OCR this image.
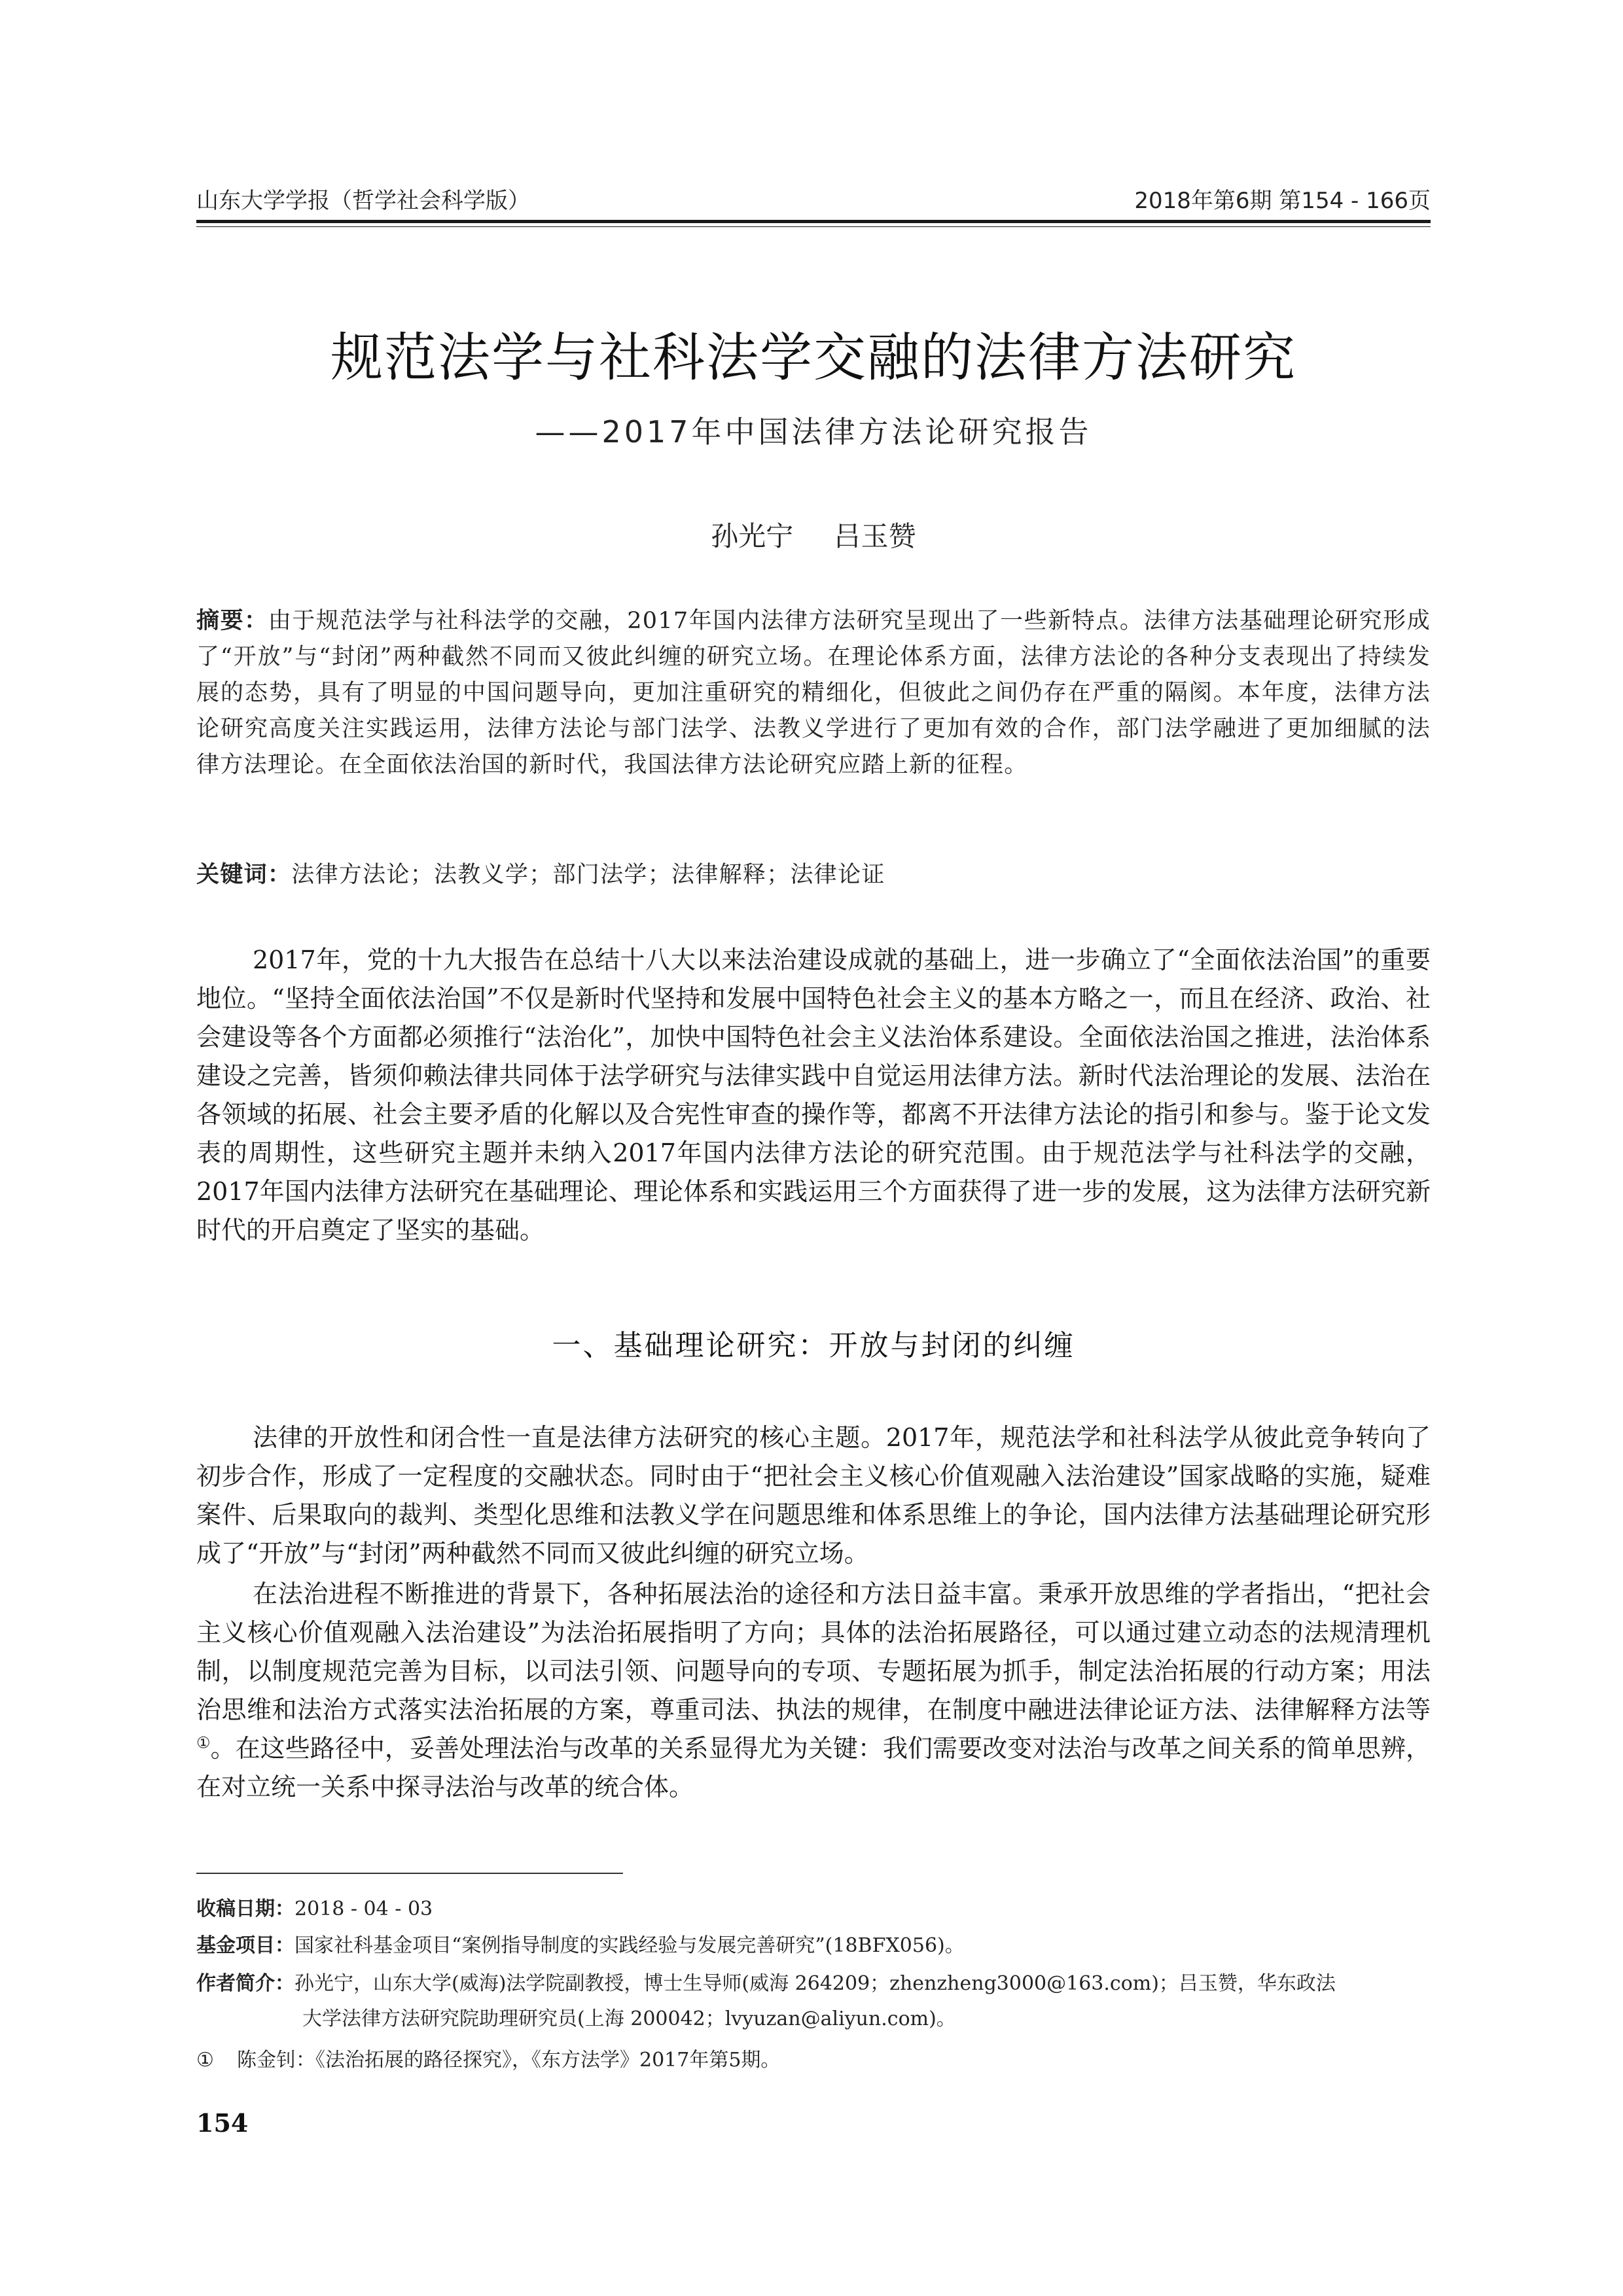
山东大学学报（哲学社会科学版）	2018年第6期 第154 - 166页
规范法学与社科法学交融的法律方法研究
——2017年中国法律方法论研究报告
孙光宁 吕玉赞
摘要：由于规范法学与社科法学的交融，2017年国内法律方法研究呈现出了一些新特点。法律方法基础理论研究形成了“开放”与“封闭”两种截然不同而又彼此纠缠的研究立场。在理论体系方面，法律方法论的各种分支表现出了持续发展的态势，具有了明显的中国问题导向，更加注重研究的精细化，但彼此之间仍存在严重的隔阂。本年度，法律方法论研究高度关注实践运用，法律方法论与部门法学、法教义学进行了更加有效的合作，部门法学融进了更加细腻的法律方法理论。在全面依法治国的新时代，我国法律方法论研究应踏上新的征程。
关键词：法律方法论；法教义学；部门法学；法律解释；法律论证

2017年，党的十九大报告在总结十八大以来法治建设成就的基础上，进一步确立了“全面依法治国”的重要地位。“坚持全面依法治国”不仅是新时代坚持和发展中国特色社会主义的基本方略之一，而且在经济、政治、社会建设等各个方面都必须推行“法治化”，加快中国特色社会主义法治体系建设。全面依法治国之推进，法治体系建设之完善，皆须仰赖法律共同体于法学研究与法律实践中自觉运用法律方法。新时代法治理论的发展、法治在各领域的拓展、社会主要矛盾的化解以及合宪性审查的操作等，都离不开法律方法论的指引和参与。鉴于论文发表的周期性，这些研究主题并未纳入2017年国内法律方法论的研究范围。由于规范法学与社科法学的交融，2017年国内法律方法研究在基础理论、理论体系和实践运用三个方面获得了进一步的发展，这为法律方法研究新时代的开启奠定了坚实的基础。

一、基础理论研究：开放与封闭的纠缠

法律的开放性和闭合性一直是法律方法研究的核心主题。2017年，规范法学和社科法学从彼此竞争转向了初步合作，形成了一定程度的交融状态。同时由于“把社会主义核心价值观融入法治建设”国家战略的实施，疑难案件、后果取向的裁判、类型化思维和法教义学在问题思维和体系思维上的争论，国内法律方法基础理论研究形成了“开放”与“封闭”两种截然不同而又彼此纠缠的研究立场。

在法治进程不断推进的背景下，各种拓展法治的途径和方法日益丰富。秉承开放思维的学者指出，“把社会主义核心价值观融入法治建设”为法治拓展指明了方向；具体的法治拓展路径，可以通过建立动态的法规清理机制，以制度规范完善为目标，以司法引领、问题导向的专项、专题拓展为抓手，制定法治拓展的行动方案；用法治思维和法治方式落实法治拓展的方案，尊重司法、执法的规律，在制度中融进法律论证方法、法律解释方法等①。在这些路径中，妥善处理法治与改革的关系显得尤为关键：我们需要改变对法治与改革之间关系的简单思辨，在对立统一关系中探寻法治与改革的统合体。

收稿日期：2018 - 04 - 03
基金项目：国家社科基金项目“案例指导制度的实践经验与发展完善研究”(18BFX056)。
作者简介：孙光宁，山东大学(威海)法学院副教授，博士生导师(威海 264209；zhenzheng3000@163.com)；吕玉赞，华东政法
大学法律方法研究院助理研究员(上海 200042；lvyuzan@aliyun.com)。
① 陈金钊：《法治拓展的路径探究》，《东方法学》2017年第5期。
154
